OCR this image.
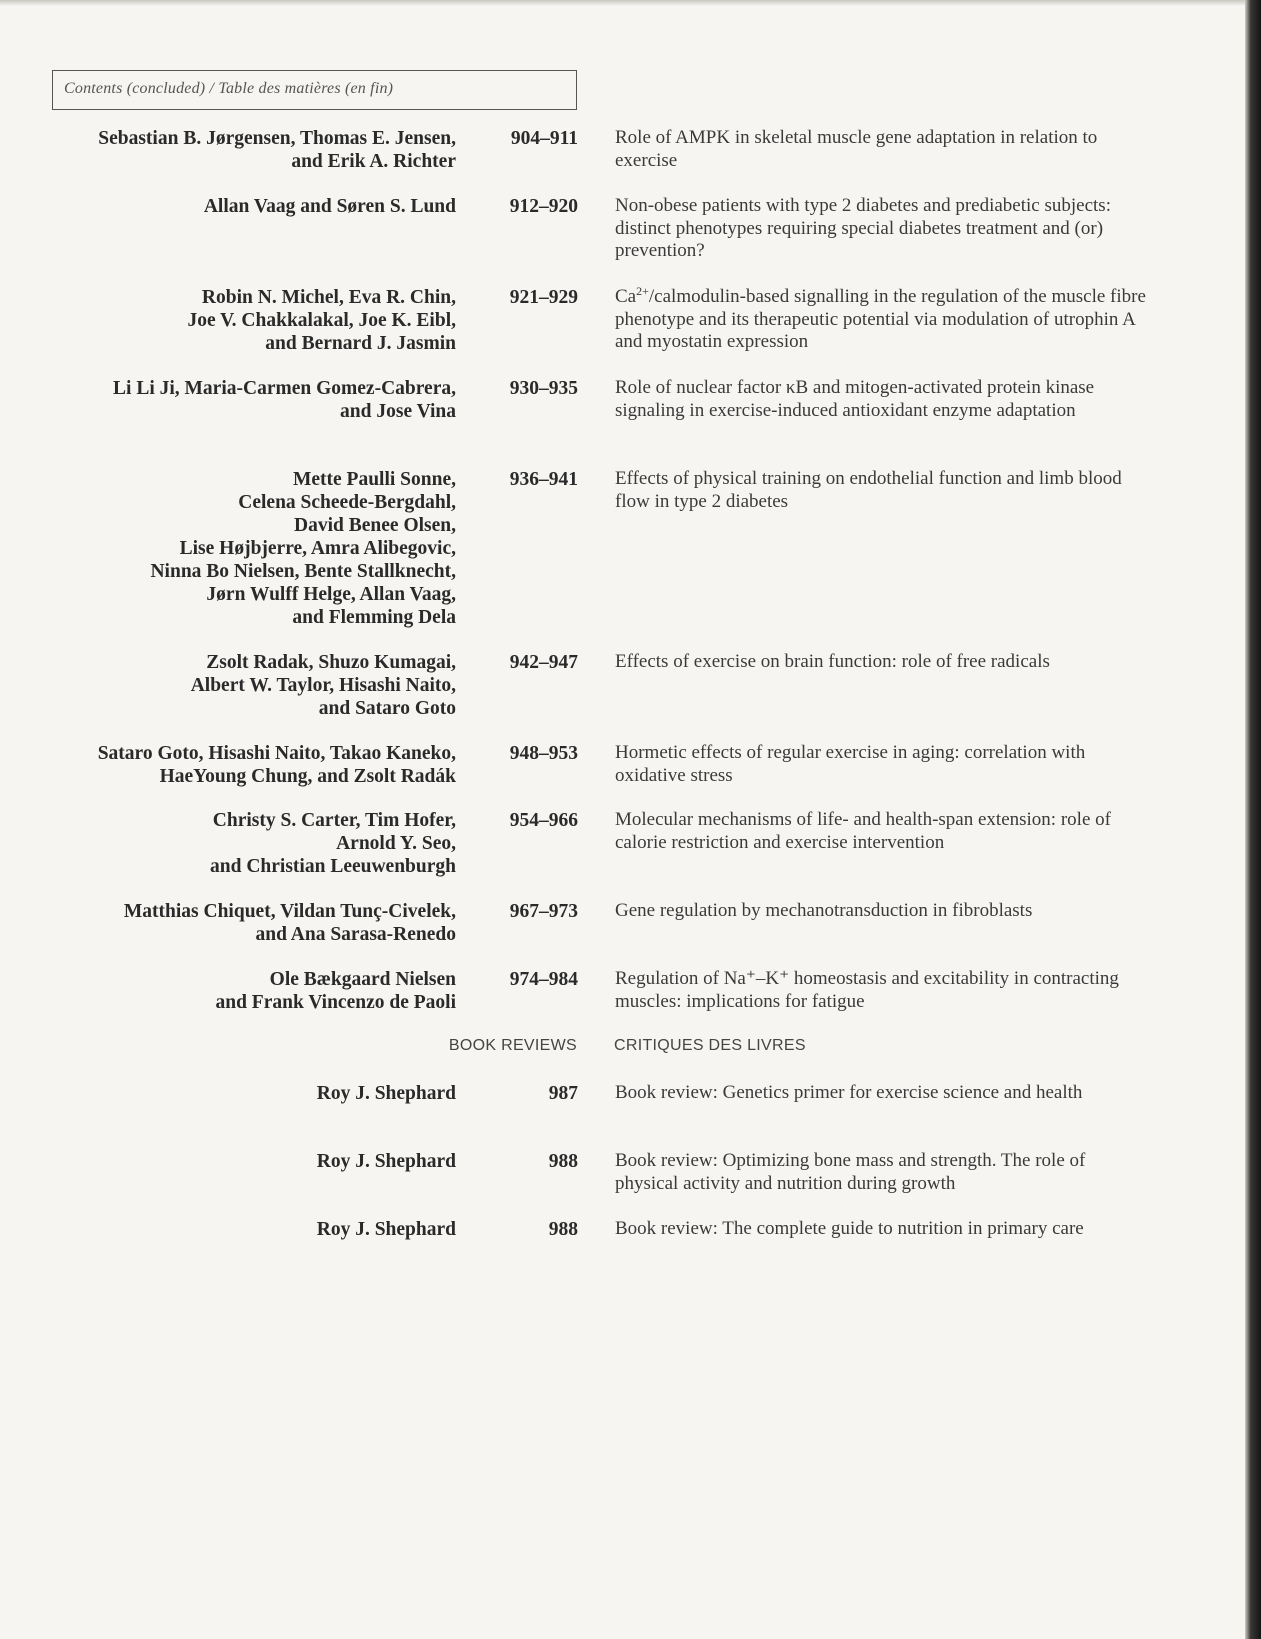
Contents (concluded) / Table des matières (en fin)
Sebastian B. Jørgensen, Thomas E. Jensen,
and Erik A. Richter
904–911 Role of AMPK in skeletal muscle gene adaptation in relation to exercise
Allan Vaag and Søren S. Lund	912–920 Non-obese patients with type 2 diabetes and prediabetic subjects: distinct phenotypes requiring special diabetes treatment and (or) prevention?
Robin N. Michel, Eva R. Chin,
Joe V. Chakkalakal, Joe K. Eibl,
and Bernard J. Jasmin
921–929 $Ca^{2+}/calmodulin$-based signalling in the regulation of the muscle fibre phenotype and its therapeutic potential via modulation of utrophin A and myostatin expression
Li Li Ji, Maria-Carmen Gomez-Cabrera,
and Jose Vina
930–935 Role of nuclear factor κB and mitogen-activated protein kinase signaling in exercise-induced antioxidant enzyme adaptation
Mette Paulli Sonne,
Celena Scheede-Bergdahl,
David Benee Olsen,
Lise Højbjerre, Amra Alibegovic,
Ninna Bo Nielsen, Bente Stallknecht,
Jørn Wulff Helge, Allan Vaag,
and Flemming Dela
936–941 Effects of physical training on endothelial function and limb blood flow in type 2 diabetes
Zsolt Radak, Shuzo Kumagai,
Albert W. Taylor, Hisashi Naito,
and Sataro Goto
942–947 Effects of exercise on brain function: role of free radicals
Sataro Goto, Hisashi Naito, Takao Kaneko,
HaeYoung Chung, and Zsolt Radák
948–953 Hormetic effects of regular exercise in aging: correlation with oxidative stress
Christy S. Carter, Tim Hofer,
Arnold Y. Seo,
and Christian Leeuwenburgh
954–966 Molecular mechanisms of life- and health-span extension: role of calorie restriction and exercise intervention
Matthias Chiquet, Vildan Tunç-Civelek,
and Ana Sarasa-Renedo
967–973 Gene regulation by mechanotransduction in fibroblasts
Ole Bækgaard Nielsen
and Frank Vincenzo de Paoli
974–984 Regulation of Na⁺–K⁺ homeostasis and excitability in contracting muscles: implications for fatigue
BOOK REVIEWS CRITIQUES DES LIVRES
Roy J. Shephard	987 Book review: Genetics primer for exercise science and health
Roy J. Shephard	988 Book review: Optimizing bone mass and strength. The role of physical activity and nutrition during growth
Roy J. Shephard	988 Book review: The complete guide to nutrition in primary care
